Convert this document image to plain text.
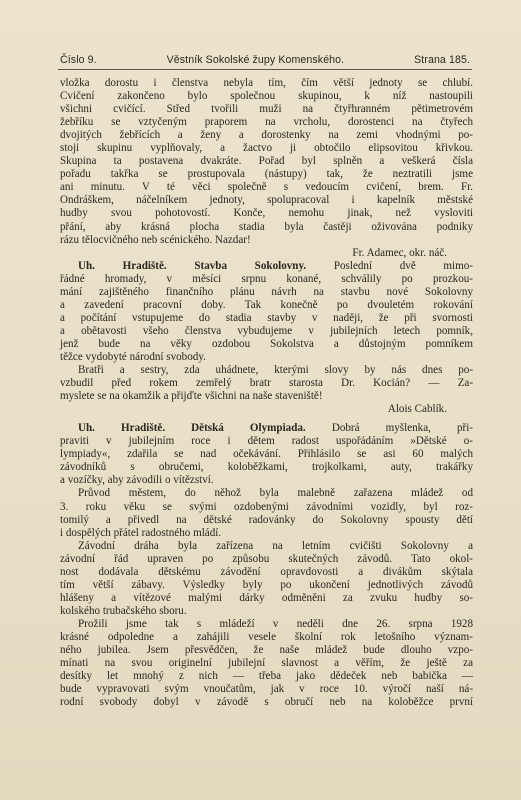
Číslo 9.	Věstník Sokolské župy Komenského.	Strana 185.
vložka dorostu i členstva nebyla tím, čím větší jednoty se chlubí.
Cvičení zakončeno bylo společnou skupinou, k níž nastoupili
všichni cvičící. Střed tvořili muži na čtyřhranném pětimetrovém
žebříku se vztyčeným praporem na vrcholu, dorostenci na čtyřech
dvojitých žebřících a ženy a dorostenky na zemi vhodnými po-
stoji skupinu vyplňovaly, a žactvo ji obtočilo elipsovitou křivkou.
Skupina ta postavena dvakráte. Pořad byl splněn a veškerá čísla
pořadu takřka se prostupovala (nástupy) tak, že neztratili jsme
ani minutu. V té věci společně s vedoucím cvičení, brem. Fr.
Ondráškem, náčelníkem jednoty, spolupracoval i kapelník městské
hudby svou pohotovostí. Konče, nemohu jinak, než vysloviti
přání, aby krásná plocha stadia byla častěji oživována podniky
rázu tělocvičného neb scénického. Nazdar!
Fr. Adamec, okr. náč.
Uh. Hradiště. Stavba Sokolovny. Poslední dvě mimo-
řádné hromady, v měsíci srpnu konané, schválily po prozkou-
mání zajištěného finančního plánu návrh na stavbu nové Sokolovny
a zavedení pracovní doby. Tak konečně po dvouletém rokování
a počítání vstupujeme do stadia stavby v naději, že při svornosti
a obětavosti všeho členstva vybudujeme v jubilejních letech pomník,
jenž bude na věky ozdobou Sokolstva a důstojným pomníkem
těžce vydobyté národní svobody.
Bratři a sestry, zda uhádnete, kterými slovy by nás dnes po-
vzbudil před rokem zemřelý bratr starosta Dr. Kocián? — Za-
myslete se na okamžik a přijďte všichni na naše staveniště!
Alois Cablík.
Uh. Hradiště. Dětská Olympiada. Dobrá myšlenka, při-
praviti v jubilejním roce i dětem radost uspořádáním »Dětské o-
lympiady«, zdařila se nad očekávání. Přihlásilo se asi 60 malých
závodníků s obručemi, koloběžkami, trojkolkami, auty, trakářky
a vozíčky, aby závodili o vítězství.
Průvod městem, do něhož byla malebně zařazena mládež od
3. roku věku se svými ozdobenými závodními vozidly, byl roz-
tomilý a přivedl na dětské radovánky do Sokolovny spousty dětí
i dospělých přátel radostného mládí.
Závodní dráha byla zařízena na letním cvičišti Sokolovny a
závodní řád upraven po způsobu skutečných závodů. Tato okol-
nost dodávala dětskému závodění opravdovosti a divákům skýtala
tím větší zábavy. Výsledky byly po ukončení jednotlivých závodů
hlášeny a vítězové malými dárky odměněni za zvuku hudby so-
kolského trubačského sboru.
Prožili jsme tak s mládeží v neděli dne 26. srpna 1928
krásné odpoledne a zahájili vesele školní rok letošního význam-
ného jubilea. Jsem přesvědčen, že naše mládež bude dlouho vzpo-
mínati na svou originelní jubilejní slavnost a věřím, že ještě za
desítky let mnohý z nich — třeba jako dědeček neb babička —
bude vypravovati svým vnoučatům, jak v roce 10. výročí naší ná-
rodní svobody dobyl v závodě s obručí neb na koloběžce první
